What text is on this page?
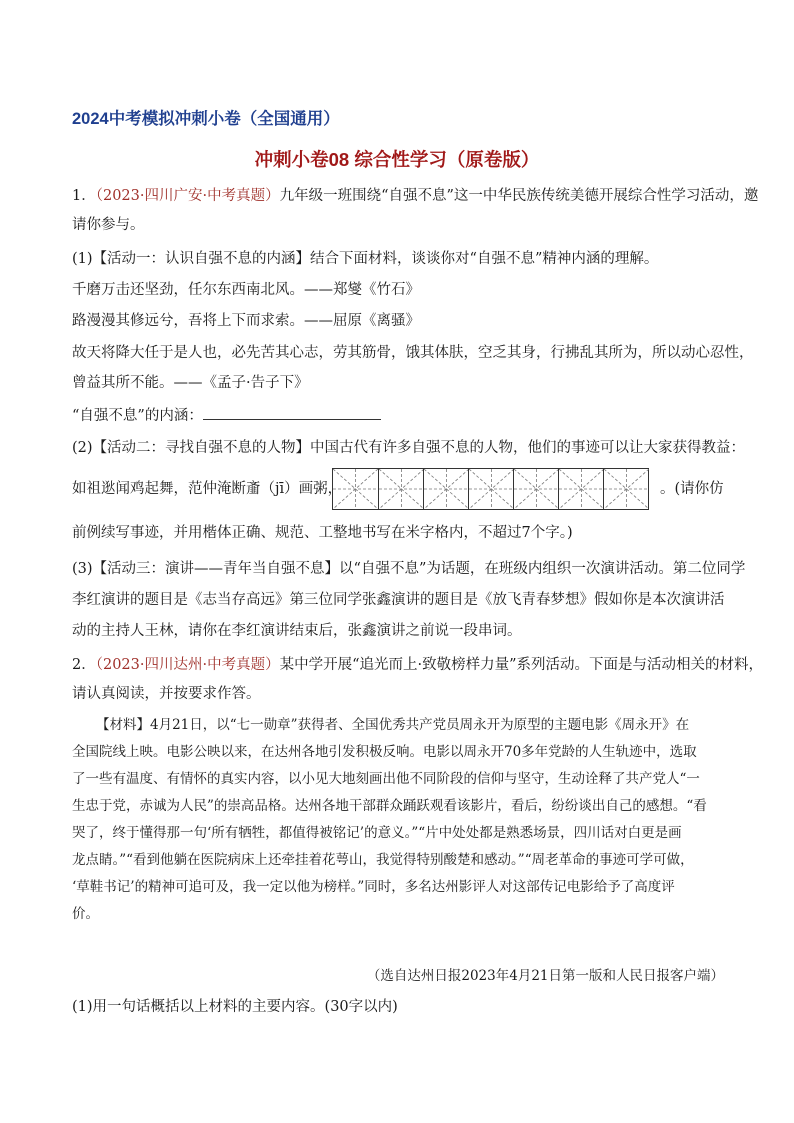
2024中考模拟冲刺小卷（全国通用）
冲刺小卷08 综合性学习（原卷版）
1．（2023·四川广安·中考真题）九年级一班围绕“自强不息”这一中华民族传统美德开展综合性学习活动，邀
请你参与。
(1)【活动一：认识自强不息的内涵】结合下面材料，谈谈你对“自强不息”精神内涵的理解。
千磨万击还坚劲，任尔东西南北风。——郑燮《竹石》
路漫漫其修远兮，吾将上下而求索。——屈原《离骚》
故天将降大任于是人也，必先苦其心志，劳其筋骨，饿其体肤，空乏其身，行拂乱其所为，所以动心忍性，
曾益其所不能。——《孟子·告子下》
“自强不息”的内涵：
(2)【活动二：寻找自强不息的人物】中国古代有许多自强不息的人物，他们的事迹可以让大家获得教益：
如祖逖闻鸡起舞，范仲淹断齑（jī）画粥，	。(请你仿
前例续写事迹，并用楷体正确、规范、工整地书写在米字格内，不超过7个字。)
(3)【活动三：演讲——青年当自强不息】以“自强不息”为话题，在班级内组织一次演讲活动。第二位同学
李红演讲的题目是《志当存高远》第三位同学张鑫演讲的题目是《放飞青春梦想》假如你是本次演讲活
动的主持人王林，请你在李红演讲结束后，张鑫演讲之前说一段串词。
2．（2023·四川达州·中考真题）某中学开展“追光而上·致敬榜样力量”系列活动。下面是与活动相关的材料，
请认真阅读，并按要求作答。
【材料】4月21日，以“七一勋章”获得者、全国优秀共产党员周永开为原型的主题电影《周永开》在
全国院线上映。电影公映以来，在达州各地引发积极反响。电影以周永开70多年党龄的人生轨迹中，选取
了一些有温度、有情怀的真实内容，以小见大地刻画出他不同阶段的信仰与坚守，生动诠释了共产党人“一
生忠于党，赤诚为人民”的崇高品格。达州各地干部群众踊跃观看该影片，看后，纷纷谈出自己的感想。“看
哭了，终于懂得那一句‘所有牺牲，都值得被铭记’的意义。”“片中处处都是熟悉场景，四川话对白更是画
龙点睛。”“看到他躺在医院病床上还牵挂着花萼山，我觉得特别酸楚和感动。”“周老革命的事迹可学可做，
‘草鞋书记’的精神可追可及，我一定以他为榜样。”同时，多名达州影评人对这部传记电影给予了高度评
价。
（选自达州日报2023年4月21日第一版和人民日报客户端）
(1)用一句话概括以上材料的主要内容。(30字以内)
